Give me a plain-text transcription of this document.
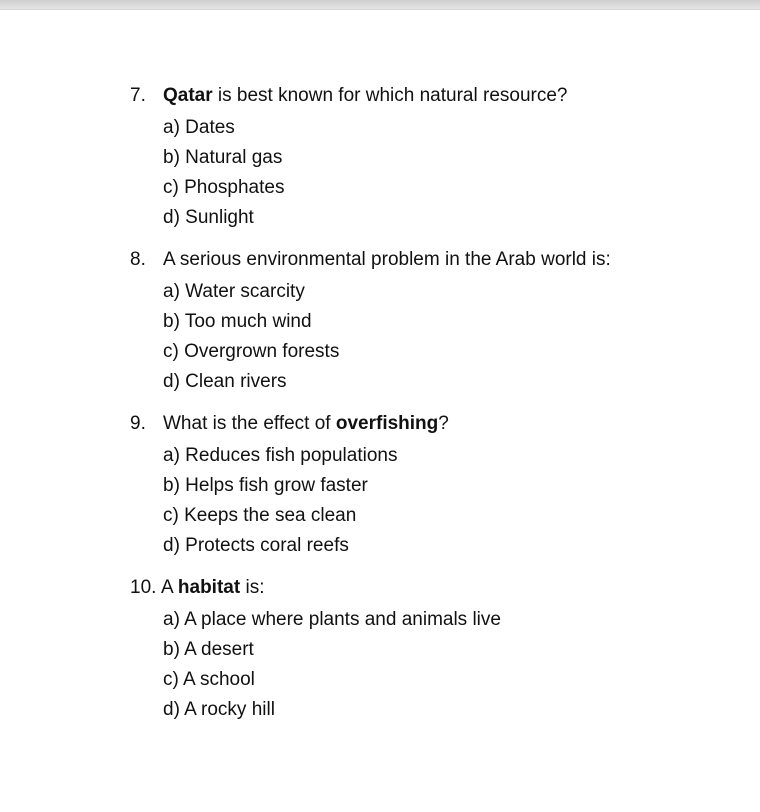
7. Qatar is best known for which natural resource?
a) Dates
b) Natural gas
c) Phosphates
d) Sunlight
8. A serious environmental problem in the Arab world is:
a) Water scarcity
b) Too much wind
c) Overgrown forests
d) Clean rivers
9. What is the effect of overfishing?
a) Reduces fish populations
b) Helps fish grow faster
c) Keeps the sea clean
d) Protects coral reefs
10. A habitat is:
a) A place where plants and animals live
b) A desert
c) A school
d) A rocky hill
